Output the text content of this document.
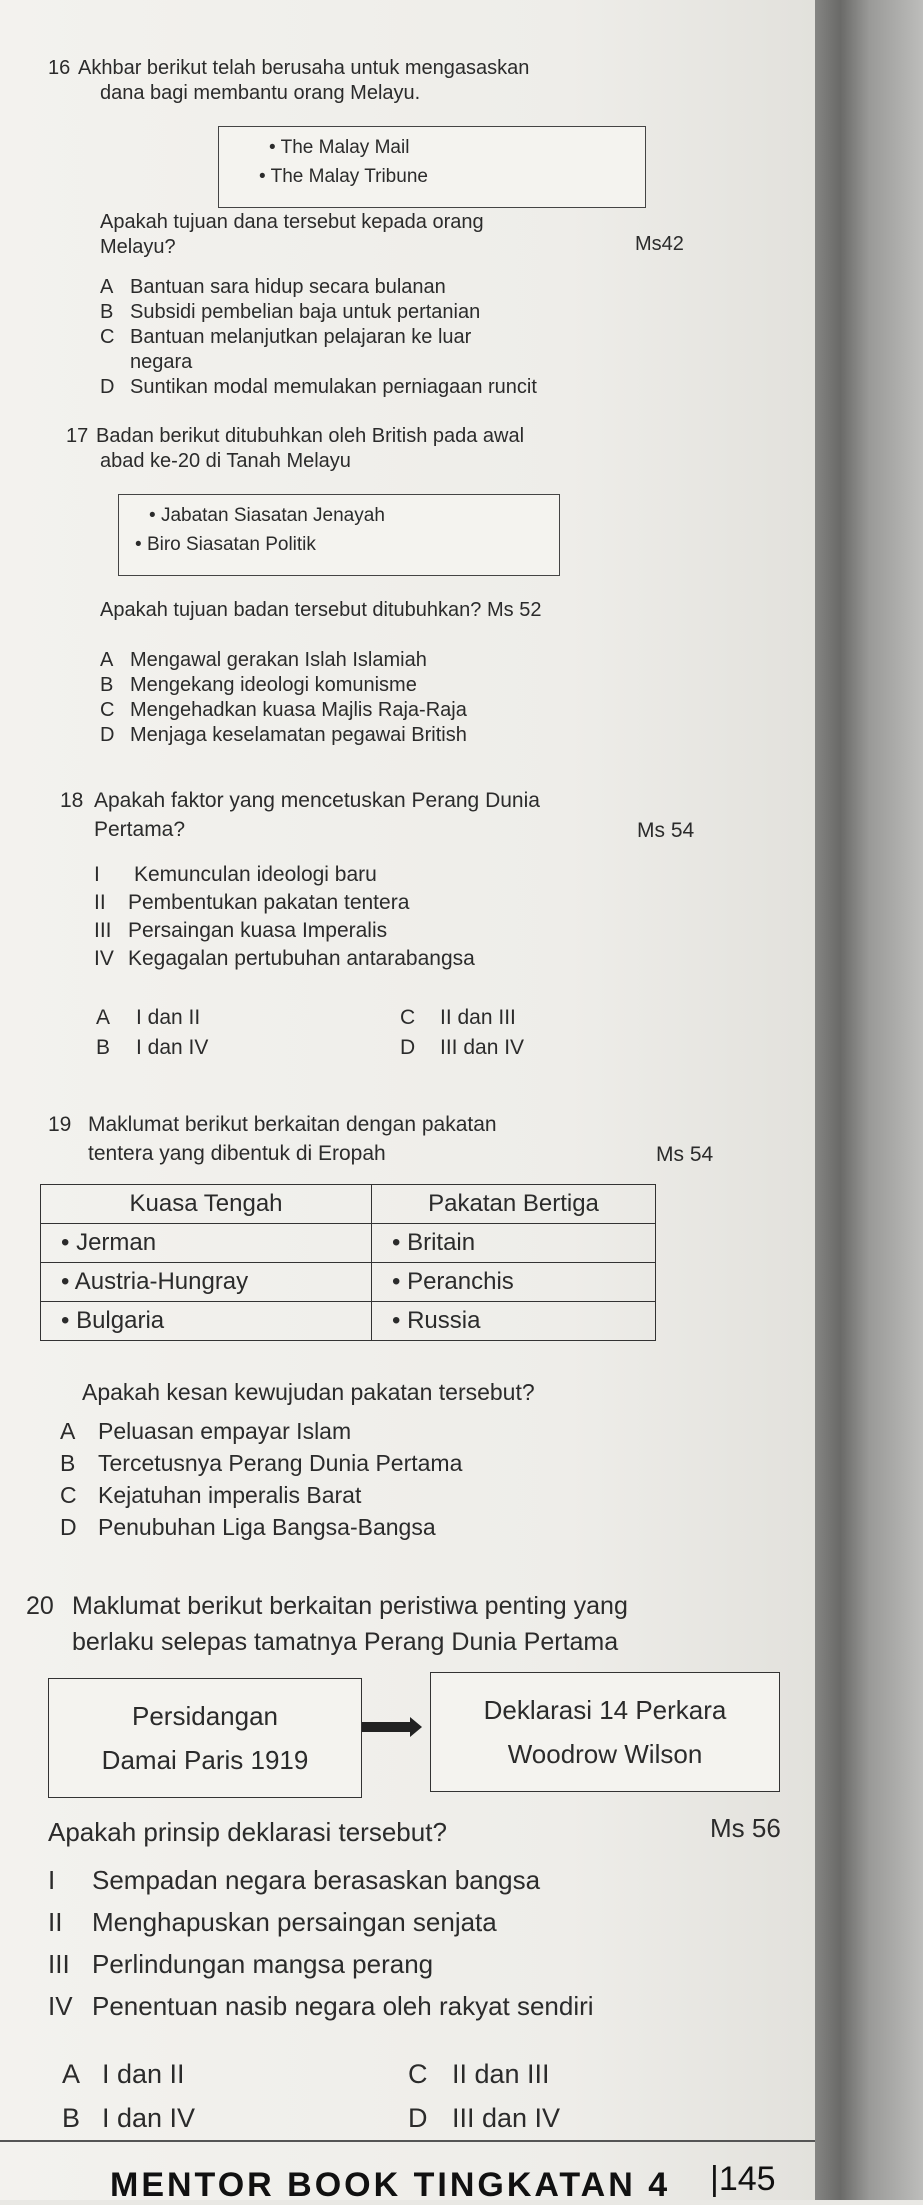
16 Akhbar berikut telah berusaha untuk mengasaskan
dana bagi membantu orang Melayu.
• The Malay Mail
• The Malay Tribune
Apakah tujuan dana tersebut kepada orang
Melayu?	Ms42
A Bantuan sara hidup secara bulanan
B Subsidi pembelian baja untuk pertanian
C Bantuan melanjutkan pelajaran ke luar
negara
D Suntikan modal memulakan perniagaan runcit
17 Badan berikut ditubuhkan oleh British pada awal
abad ke-20 di Tanah Melayu
• Jabatan Siasatan Jenayah
• Biro Siasatan Politik
Apakah tujuan badan tersebut ditubuhkan? Ms 52
A Mengawal gerakan Islah Islamiah
B Mengekang ideologi komunisme
C Mengehadkan kuasa Majlis Raja-Raja
D Menjaga keselamatan pegawai British
18 Apakah faktor yang mencetuskan Perang Dunia
Pertama?	Ms 54
I Kemunculan ideologi baru
II Pembentukan pakatan tentera
III Persaingan kuasa Imperalis
IV Kegagalan pertubuhan antarabangsa
A I dan II
B I dan IV
C II dan III
D III dan IV
19 Maklumat berikut berkaitan dengan pakatan
tentera yang dibentuk di Eropah	Ms 54
Kuasa Tengah	Pakatan Bertiga
• Jerman	• Britain
• Austria-Hungray	• Peranchis
• Bulgaria	• Russia
Apakah kesan kewujudan pakatan tersebut?
A Peluasan empayar Islam
B Tercetusnya Perang Dunia Pertama
C Kejatuhan imperalis Barat
D Penubuhan Liga Bangsa-Bangsa
20 Maklumat berikut berkaitan peristiwa penting yang
berlaku selepas tamatnya Perang Dunia Pertama
Persidangan
Damai Paris 1919
Deklarasi 14 Perkara
Woodrow Wilson
Apakah prinsip deklarasi tersebut?	Ms 56
I Sempadan negara berasaskan bangsa
II Menghapuskan persaingan senjata
III Perlindungan mangsa perang
IV Penentuan nasib negara oleh rakyat sendiri
A I dan II
B I dan IV
C II dan III
D III dan IV
MENTOR BOOK TINGKATAN 4 |145
